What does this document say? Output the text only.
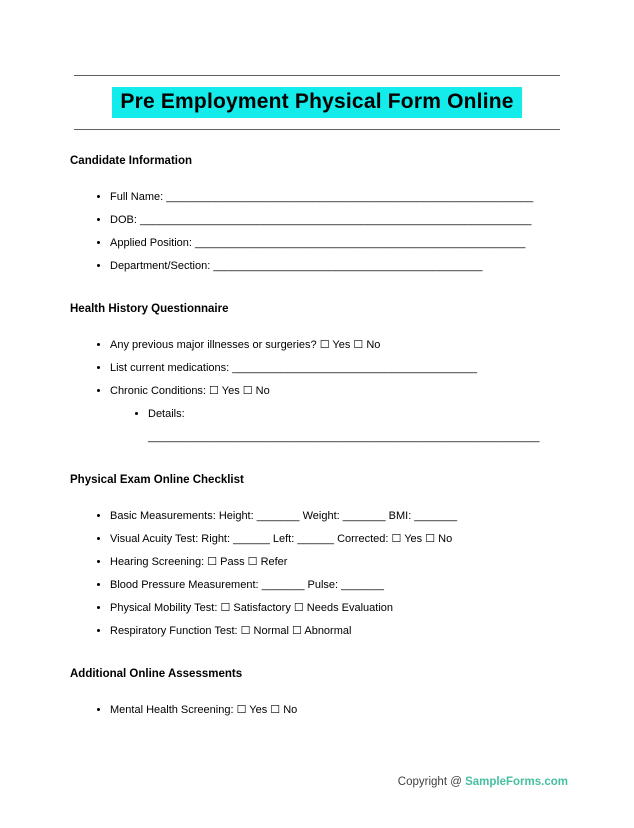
Pre Employment Physical Form Online
Candidate Information
• Full Name: ____________________________________________________________
• DOB: ________________________________________________________________
• Applied Position: ______________________________________________________
• Department/Section: ____________________________________________
Health History Questionnaire
• Any previous major illnesses or surgeries? ☐ Yes ☐ No
• List current medications: ________________________________________
• Chronic Conditions: ☐ Yes ☐ No
• Details:
________________________________________________________________
Physical Exam Online Checklist
• Basic Measurements: Height: _______ Weight: _______ BMI: _______
• Visual Acuity Test: Right: ______ Left: ______ Corrected: ☐ Yes ☐ No
• Hearing Screening: ☐ Pass ☐ Refer
• Blood Pressure Measurement: _______ Pulse: _______
• Physical Mobility Test: ☐ Satisfactory ☐ Needs Evaluation
• Respiratory Function Test: ☐ Normal ☐ Abnormal
Additional Online Assessments
• Mental Health Screening: ☐ Yes ☐ No
Copyright @ SampleForms.com
